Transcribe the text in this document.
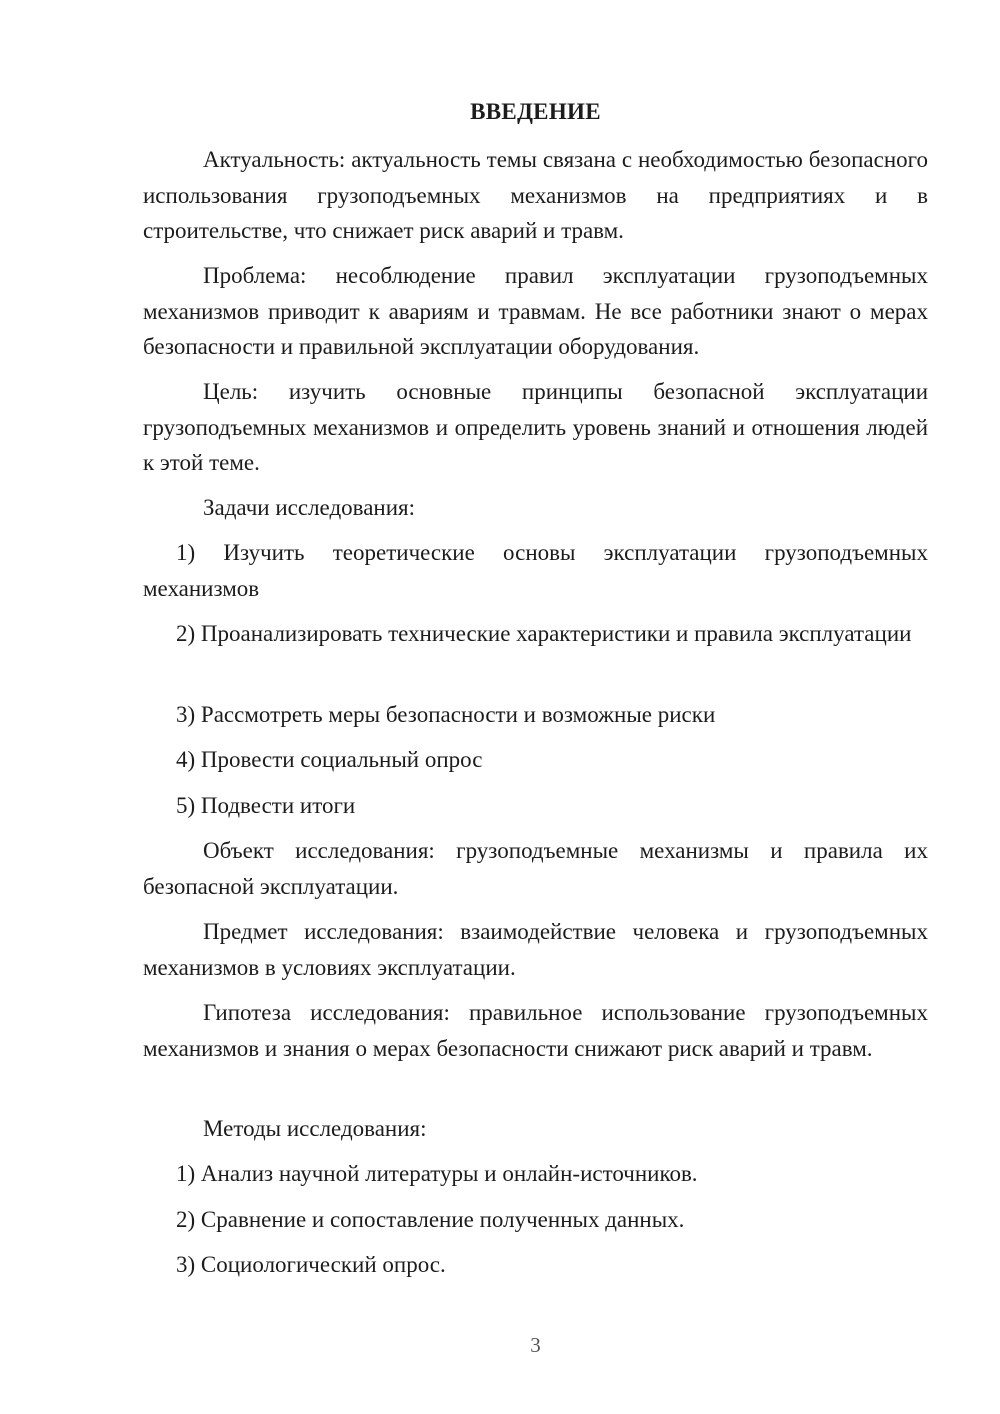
ВВЕДЕНИЕ

Актуальность: актуальность темы связана с необходимостью безопасного использования грузоподъемных механизмов на предприятиях и в строительстве, что снижает риск аварий и травм.

Проблема: несоблюдение правил эксплуатации грузоподъемных механизмов приводит к авариям и травмам. Не все работники знают о мерах безопасности и правильной эксплуатации оборудования.

Цель: изучить основные принципы безопасной эксплуатации грузоподъемных механизмов и определить уровень знаний и отношения людей к этой теме.

Задачи исследования:

1) Изучить теоретические основы эксплуатации грузоподъемных механизмов

2) Проанализировать технические характеристики и правила эксплуатации

3) Рассмотреть меры безопасности и возможные риски

4) Провести социальный опрос

5) Подвести итоги

Объект исследования: грузоподъемные механизмы и правила их безопасной эксплуатации.

Предмет исследования: взаимодействие человека и грузоподъемных механизмов в условиях эксплуатации.

Гипотеза исследования: правильное использование грузоподъемных механизмов и знания о мерах безопасности снижают риск аварий и травм.

Методы исследования:

1) Анализ научной литературы и онлайн-источников.

2) Сравнение и сопоставление полученных данных.

3) Социологический опрос.

3
